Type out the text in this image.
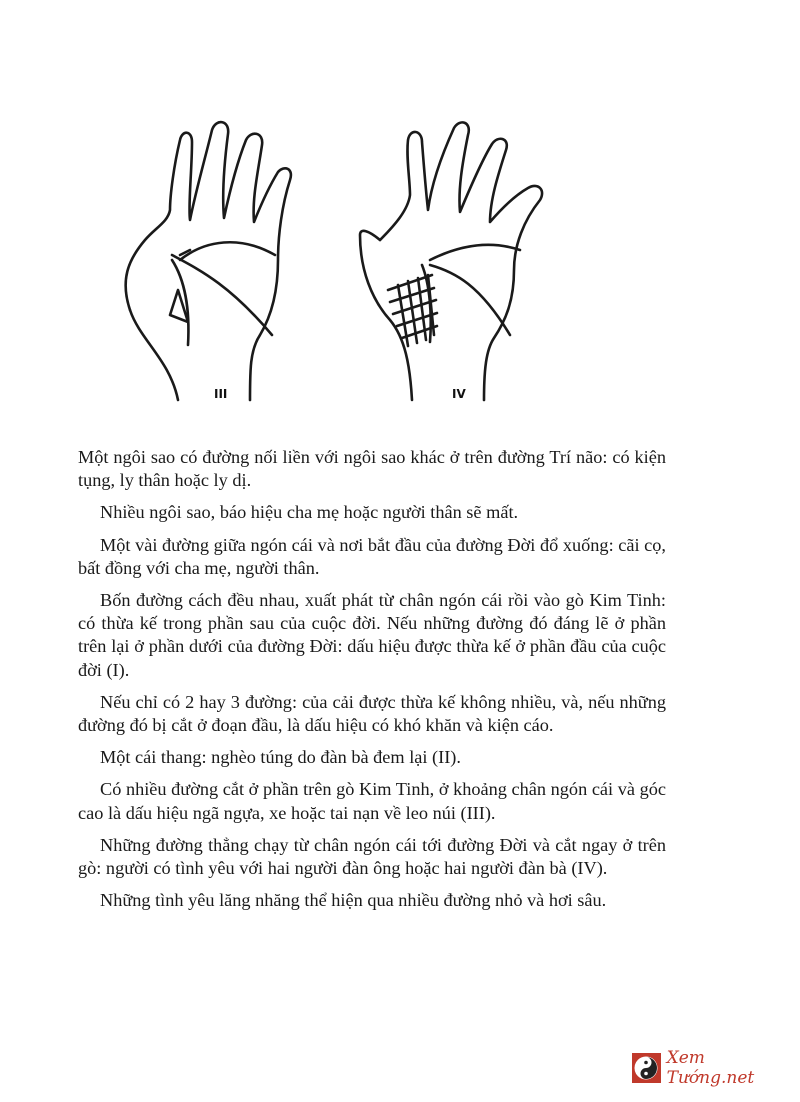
III	IV

Một ngôi sao có đường nối liền với ngôi sao khác ở trên đường Trí não: có kiện tụng, ly thân hoặc ly dị.

Nhiều ngôi sao, báo hiệu cha mẹ hoặc người thân sẽ mất.

Một vài đường giữa ngón cái và nơi bắt đầu của đường Đời đổ xuống: cãi cọ, bất đồng với cha mẹ, người thân.

Bốn đường cách đều nhau, xuất phát từ chân ngón cái rồi vào gò Kim Tinh: có thừa kế trong phần sau của cuộc đời. Nếu những đường đó đáng lẽ ở phần trên lại ở phần dưới của đường Đời: dấu hiệu được thừa kế ở phần đầu của cuộc đời (I).

Nếu chỉ có 2 hay 3 đường: của cải được thừa kế không nhiều, và, nếu những đường đó bị cắt ở đoạn đầu, là dấu hiệu có khó khăn và kiện cáo.

Một cái thang: nghèo túng do đàn bà đem lại (II).

Có nhiều đường cắt ở phần trên gò Kim Tinh, ở khoảng chân ngón cái và góc cao là dấu hiệu ngã ngựa, xe hoặc tai nạn về leo núi (III).

Những đường thẳng chạy từ chân ngón cái tới đường Đời và cắt ngay ở trên gò: người có tình yêu với hai người đàn ông hoặc hai người đàn bà (IV).

Những tình yêu lăng nhăng thể hiện qua nhiều đường nhỏ và hơi sâu.

Xem Tướng.net
